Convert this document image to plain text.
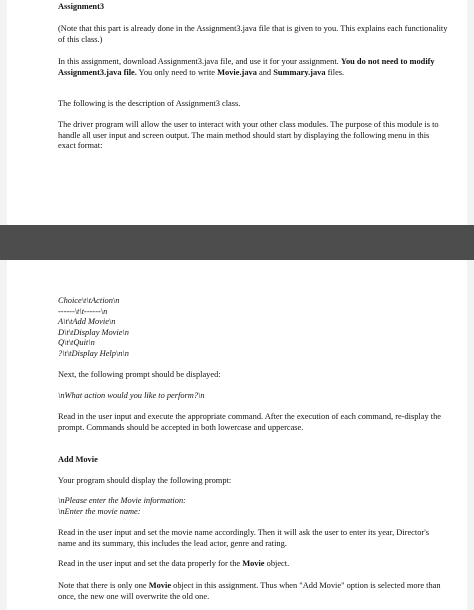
Assignment3

(Note that this part is already done in the Assignment3.java file that is given to you. This explains each functionality of this class.)

In this assignment, download Assignment3.java file, and use it for your assignment. You do not need to modify Assignment3.java file. You only need to write Movie.java and Summary.java files.

The following is the description of Assignment3 class.

The driver program will allow the user to interact with your other class modules. The purpose of this module is to handle all user input and screen output. The main method should start by displaying the following menu in this exact format:

Choice\t\tAction\n
------\t\t------\n
A\t\tAdd Movie\n
D\t\tDisplay Movie\n
Q\t\tQuit\n
?\t\tDisplay Help\n\n

Next, the following prompt should be displayed:

\nWhat action would you like to perform?\n

Read in the user input and execute the appropriate command. After the execution of each command, re-display the prompt. Commands should be accepted in both lowercase and uppercase.

Add Movie

Your program should display the following prompt:

\nPlease enter the Movie information:
\nEnter the movie name:

Read in the user input and set the movie name accordingly. Then it will ask the user to enter its year, Director's name and its summary, this includes the lead actor, genre and rating.

Read in the user input and set the data properly for the Movie object.

Note that there is only one Movie object in this assignment. Thus when "Add Movie" option is selected more than once, the new one will overwrite the old one.
